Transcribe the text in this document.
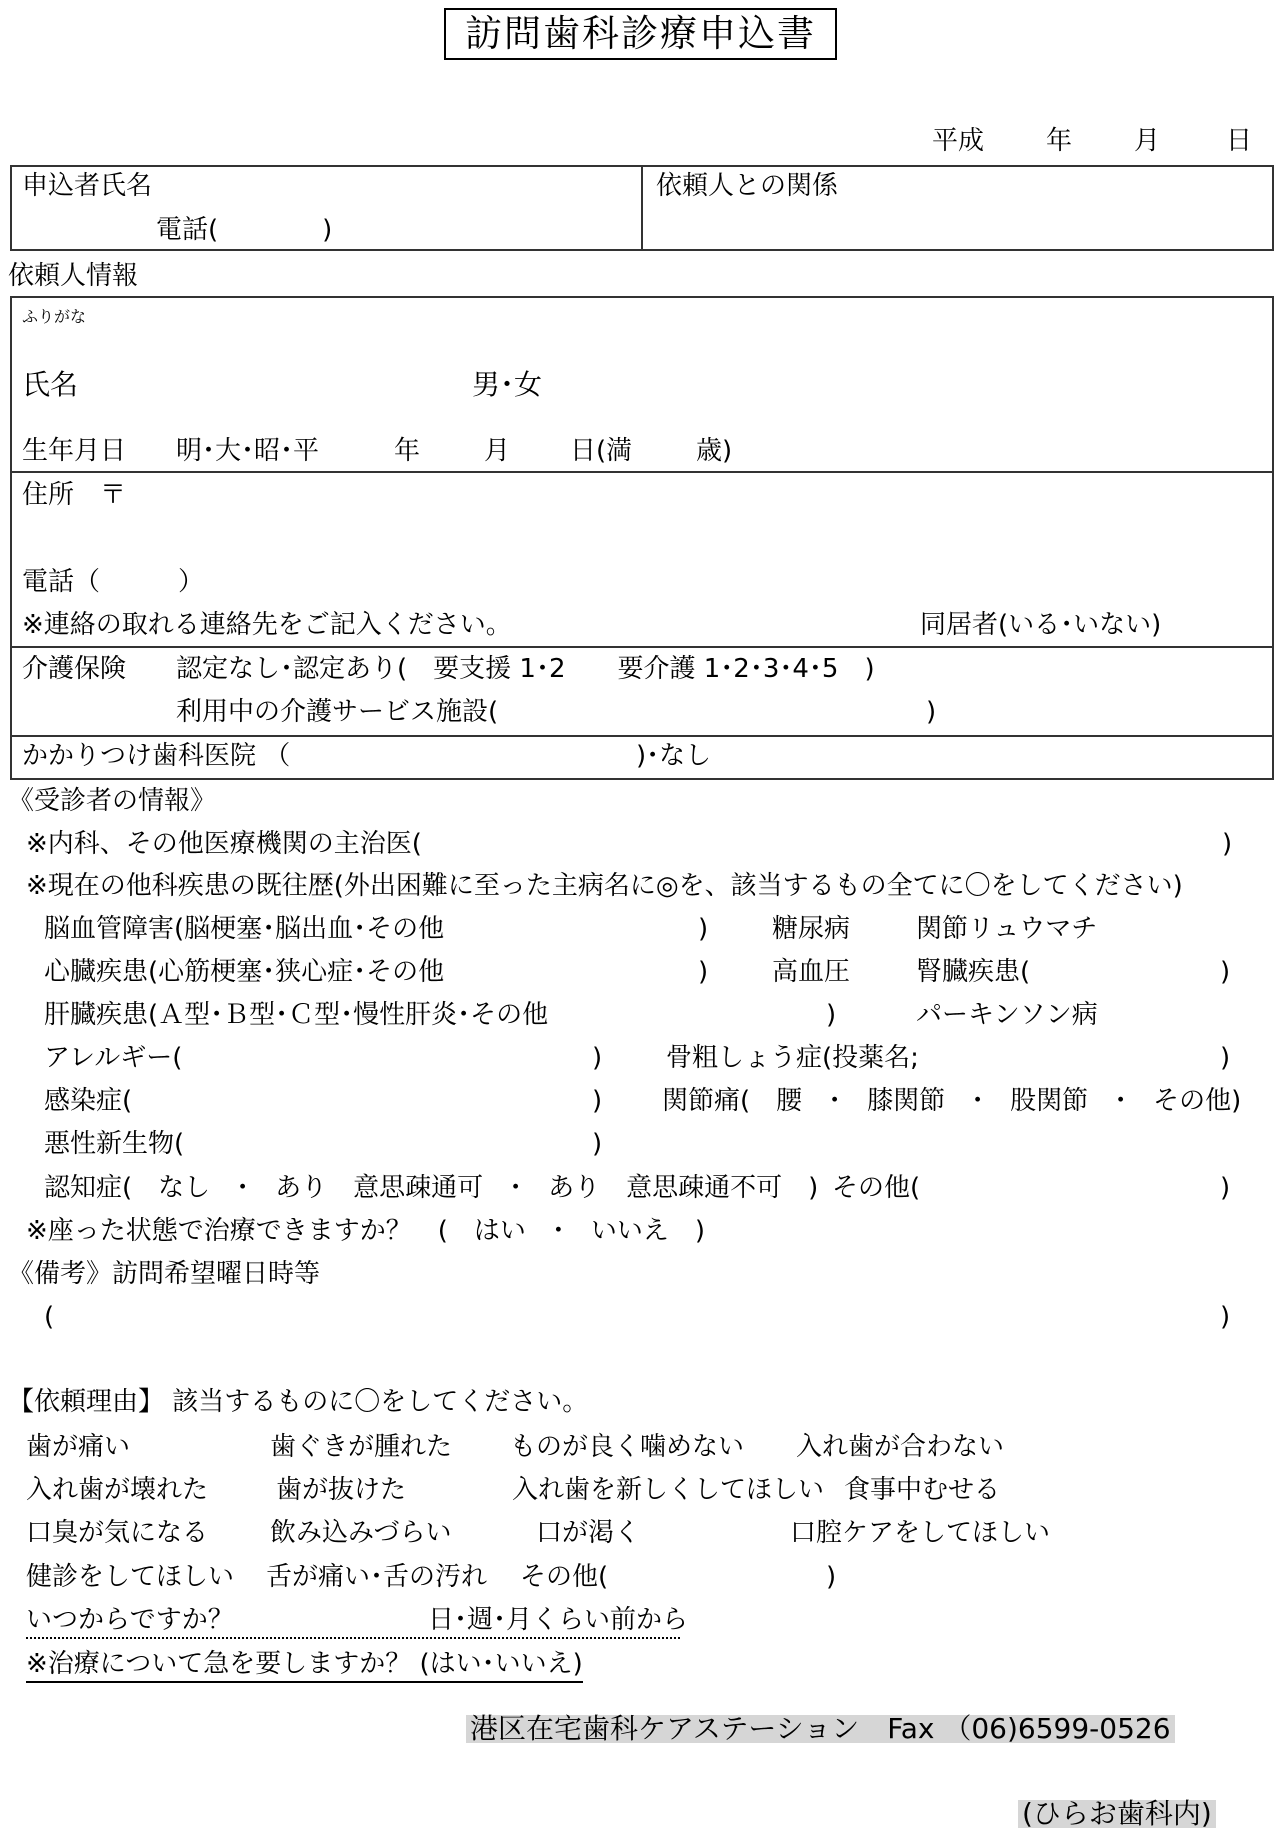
訪問歯科診療申込書
平成 年 月	日
申込者氏名	依頼人との関係
電話(　　　　)
依頼人情報
ふりがな
氏名	男･女
生年月日 明･大･昭･平	年 月 日(満 歳)
住所　〒
電話（　　　）
※連絡の取れる連絡先をご記入ください。	同居者(いる･いない)
介護保険 認定なし･認定あり(　要支援 1･2　　要介護 1･2･3･4･5　)
利用中の介護サービス施設(	)
かかりつけ歯科医院 （	)･なし
《受診者の情報》
※内科、その他医療機関の主治医(	)
※現在の他科疾患の既往歴(外出困難に至った主病名に◎を、該当するもの全てに〇をしてください)
脳血管障害(脳梗塞･脳出血･その他	) 糖尿病	関節リュウマチ
心臓疾患(心筋梗塞･狭心症･その他	) 高血圧	腎臓疾患(	)
肝臓疾患(Ａ型･Ｂ型･Ｃ型･慢性肝炎･その他	)	パーキンソン病
アレルギー(	) 骨粗しょう症(投薬名;	)
感染症(	) 関節痛(　腰　･　膝関節　･　股関節　･　その他)
悪性新生物(	)
認知症(　なし　･　あり　意思疎通可　･　あり　意思疎通不可　) その他(	)
※座った状態で治療できますか？　(　はい　･　いいえ　)
《備考》訪問希望曜日時等
(	)
【依頼理由】 該当するものに〇をしてください。
歯が痛い	歯ぐきが腫れた ものが良く噛めない 入れ歯が合わない
入れ歯が壊れた	歯が抜けた	入れ歯を新しくしてほしい 食事中むせる
口臭が気になる 飲み込みづらい	口が渇く	口腔ケアをしてほしい
健診をしてほしい 舌が痛い･舌の汚れ その他(	)
いつからですか？	日･週･月くらい前から
※治療について急を要しますか？ (はい･いいえ)
港区在宅歯科ケアステーション　Fax （06)6599-0526
(ひらお歯科内)
